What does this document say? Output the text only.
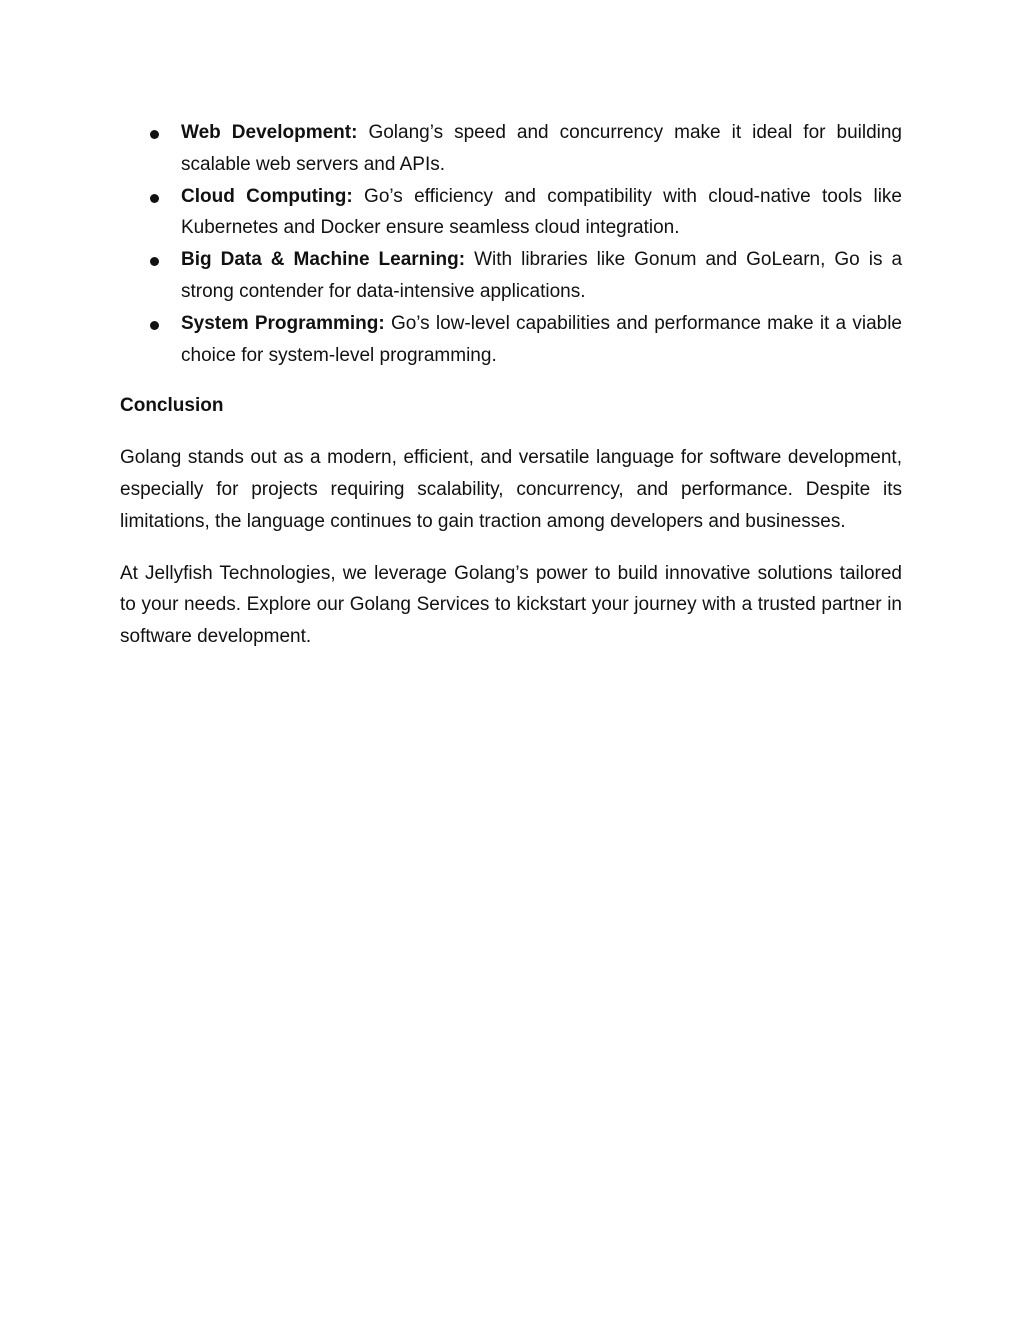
Web Development: Golang’s speed and concurrency make it ideal for building scalable web servers and APIs.
Cloud Computing: Go’s efficiency and compatibility with cloud-native tools like Kubernetes and Docker ensure seamless cloud integration.
Big Data & Machine Learning: With libraries like Gonum and GoLearn, Go is a strong contender for data-intensive applications.
System Programming: Go’s low-level capabilities and performance make it a viable choice for system-level programming.
Conclusion

Golang stands out as a modern, efficient, and versatile language for software development, especially for projects requiring scalability, concurrency, and performance. Despite its limitations, the language continues to gain traction among developers and businesses.

At Jellyfish Technologies, we leverage Golang’s power to build innovative solutions tailored to your needs. Explore our Golang Services to kickstart your journey with a trusted partner in software development.
